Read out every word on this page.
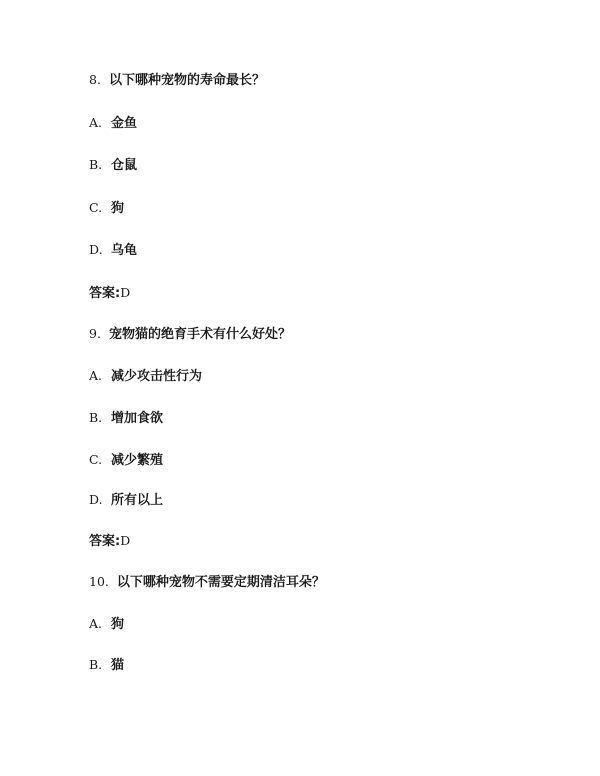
8. 以下哪种宠物的寿命最长？
A. 金鱼
B. 仓鼠
C. 狗
D. 乌龟
答案:D
9. 宠物猫的绝育手术有什么好处？
A. 减少攻击性行为
B. 增加食欲
C. 减少繁殖
D. 所有以上
答案:D
10. 以下哪种宠物不需要定期清洁耳朵？
A. 狗
B. 猫
